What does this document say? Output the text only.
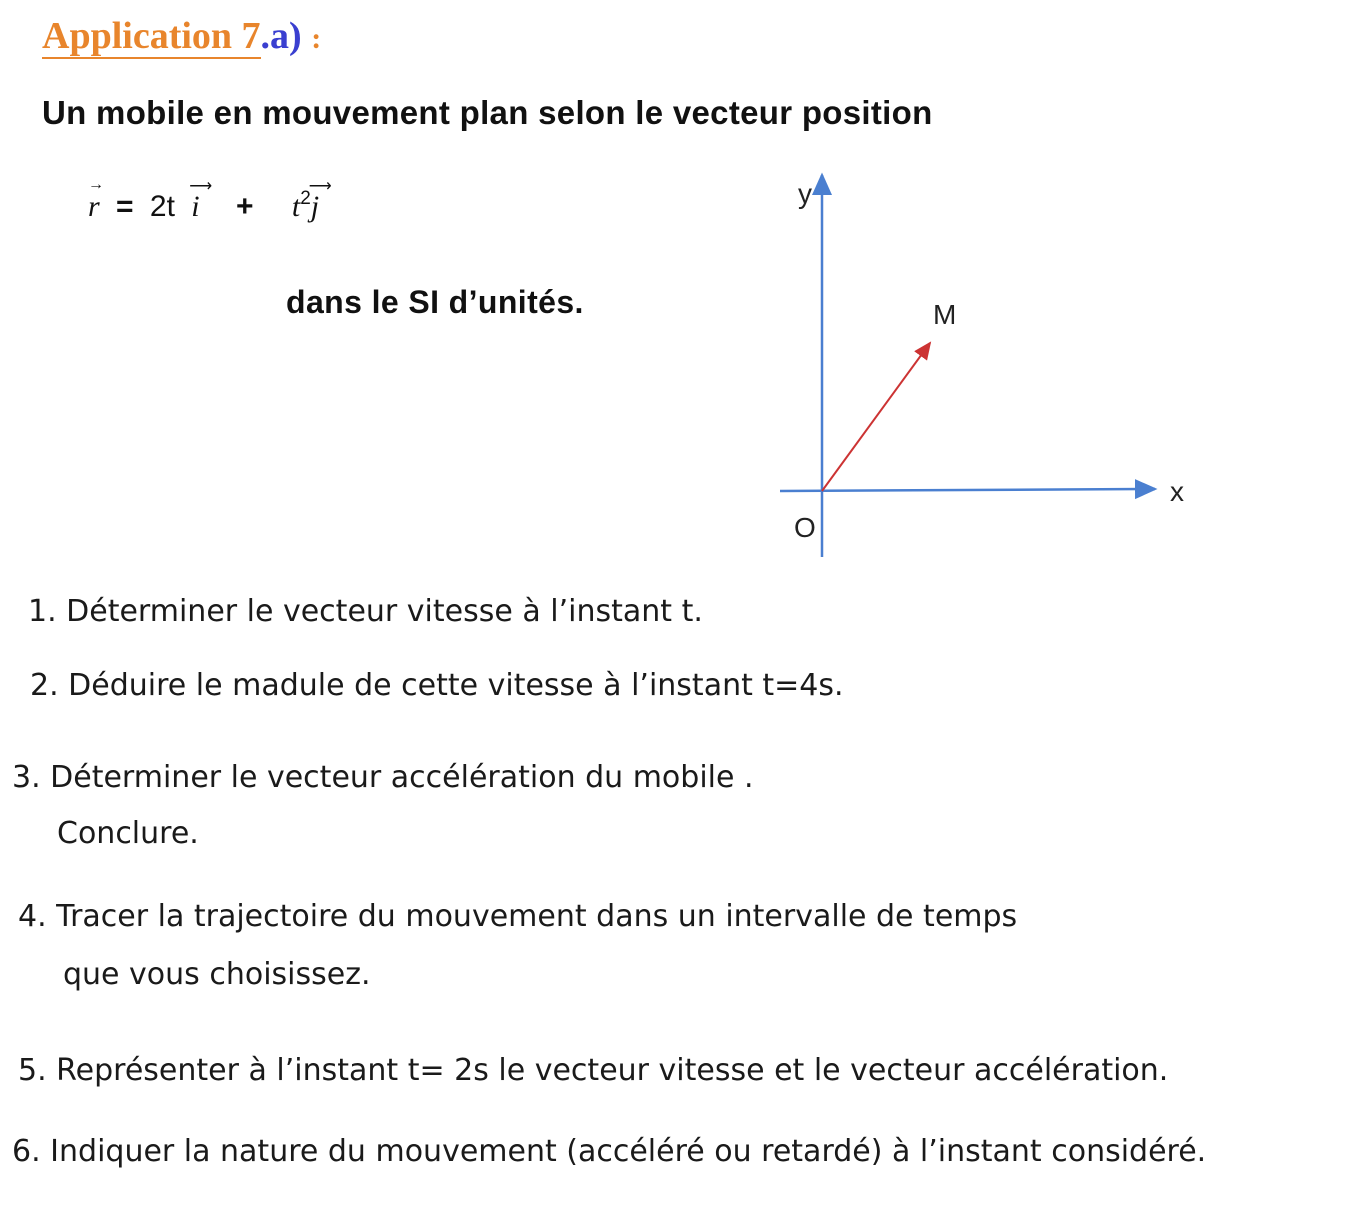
Application 7.a) :
Un mobile en mouvement plan selon le vecteur position
r
→
= 2t i
⟶
+ $t^2j$
⟶
dans le SI d’unités.
y
x
O
M
1. Déterminer le vecteur vitesse à l’instant t.
2. Déduire le madule de cette vitesse à l’instant t=4s.
3. Déterminer le vecteur accélération du mobile .
Conclure.
4. Tracer la trajectoire du mouvement dans un intervalle de temps
que vous choisissez.
5. Représenter à l’instant t= 2s le vecteur vitesse et le vecteur accélération.
6. Indiquer la nature du mouvement (accéléré ou retardé) à l’instant considéré.
